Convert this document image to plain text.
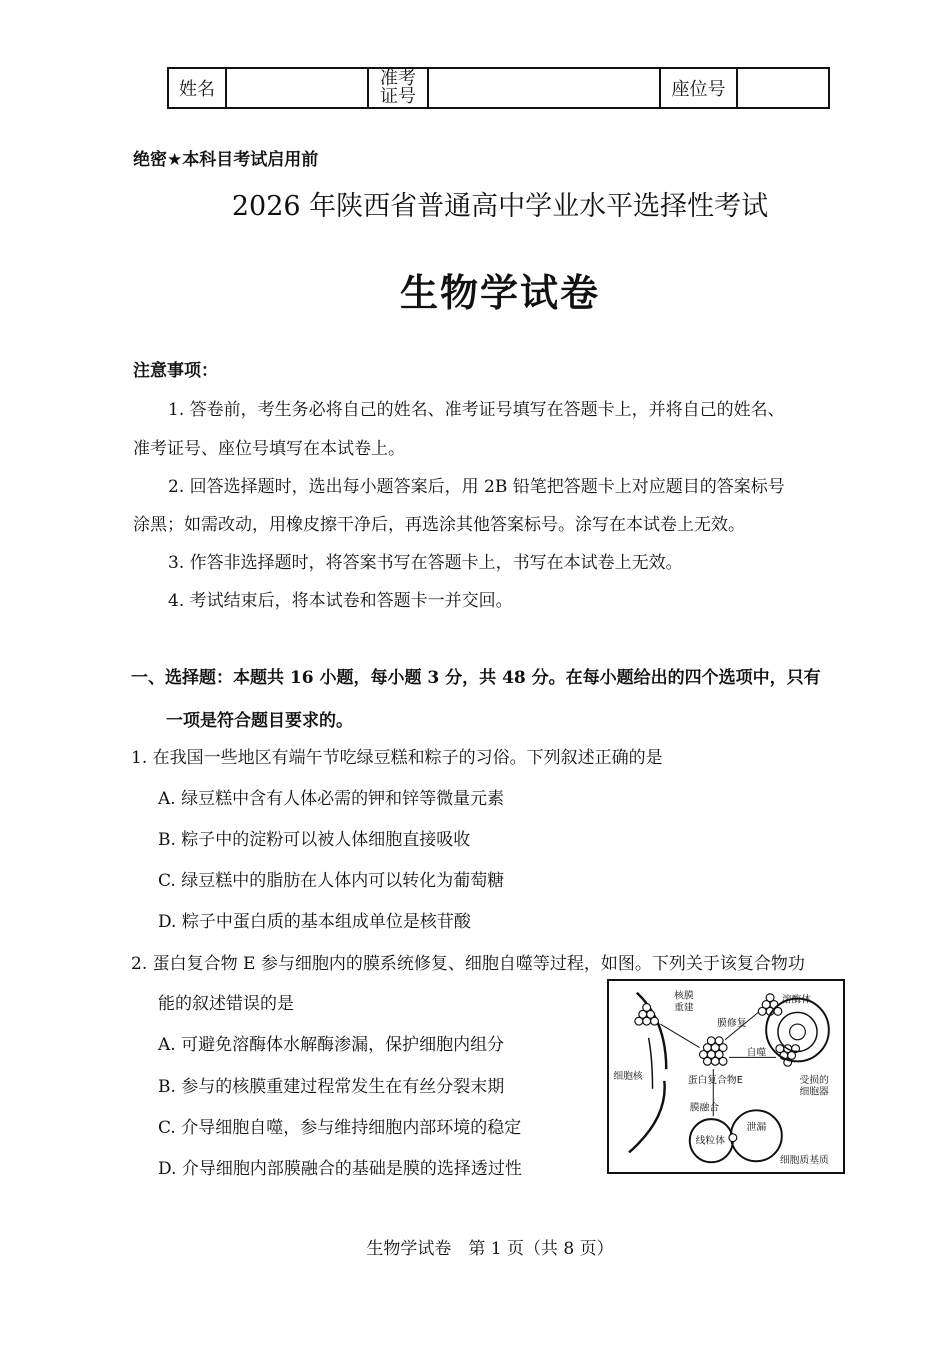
姓名
准考
证号	座位号
绝密★本科目考试启用前
2026 年陕西省普通高中学业水平选择性考试
生物学试卷
注意事项：
1. 答卷前，考生务必将自己的姓名、准考证号填写在答题卡上，并将自己的姓名、
准考证号、座位号填写在本试卷上。
2. 回答选择题时，选出每小题答案后，用 2B 铅笔把答题卡上对应题目的答案标号
涂黑；如需改动，用橡皮擦干净后，再选涂其他答案标号。涂写在本试卷上无效。
3. 作答非选择题时，将答案书写在答题卡上，书写在本试卷上无效。
4. 考试结束后，将本试卷和答题卡一并交回。
一、选择题：本题共 16 小题，每小题 3 分，共 48 分。在每小题给出的四个选项中，只有
一项是符合题目要求的。
1. 在我国一些地区有端午节吃绿豆糕和粽子的习俗。下列叙述正确的是
A. 绿豆糕中含有人体必需的钾和锌等微量元素
B. 粽子中的淀粉可以被人体细胞直接吸收
C. 绿豆糕中的脂肪在人体内可以转化为葡萄糖
D. 粽子中蛋白质的基本组成单位是核苷酸
2. 蛋白复合物 E 参与细胞内的膜系统修复、细胞自噬等过程，如图。下列关于该复合物功
能的叙述错误的是
A. 可避免溶酶体水解酶渗漏，保护细胞内组分
B. 参与的核膜重建过程常发生在有丝分裂末期
C. 介导细胞自噬，参与维持细胞内部环境的稳定
D. 介导细胞内部膜融合的基础是膜的选择透过性
核膜
重建
膜修复
溶酶体
细胞核
自噬
受损的
细胞器
蛋白复合物E
膜融合
线粒体
泄漏
细胞质基质
生物学试卷　第 1 页（共 8 页）
